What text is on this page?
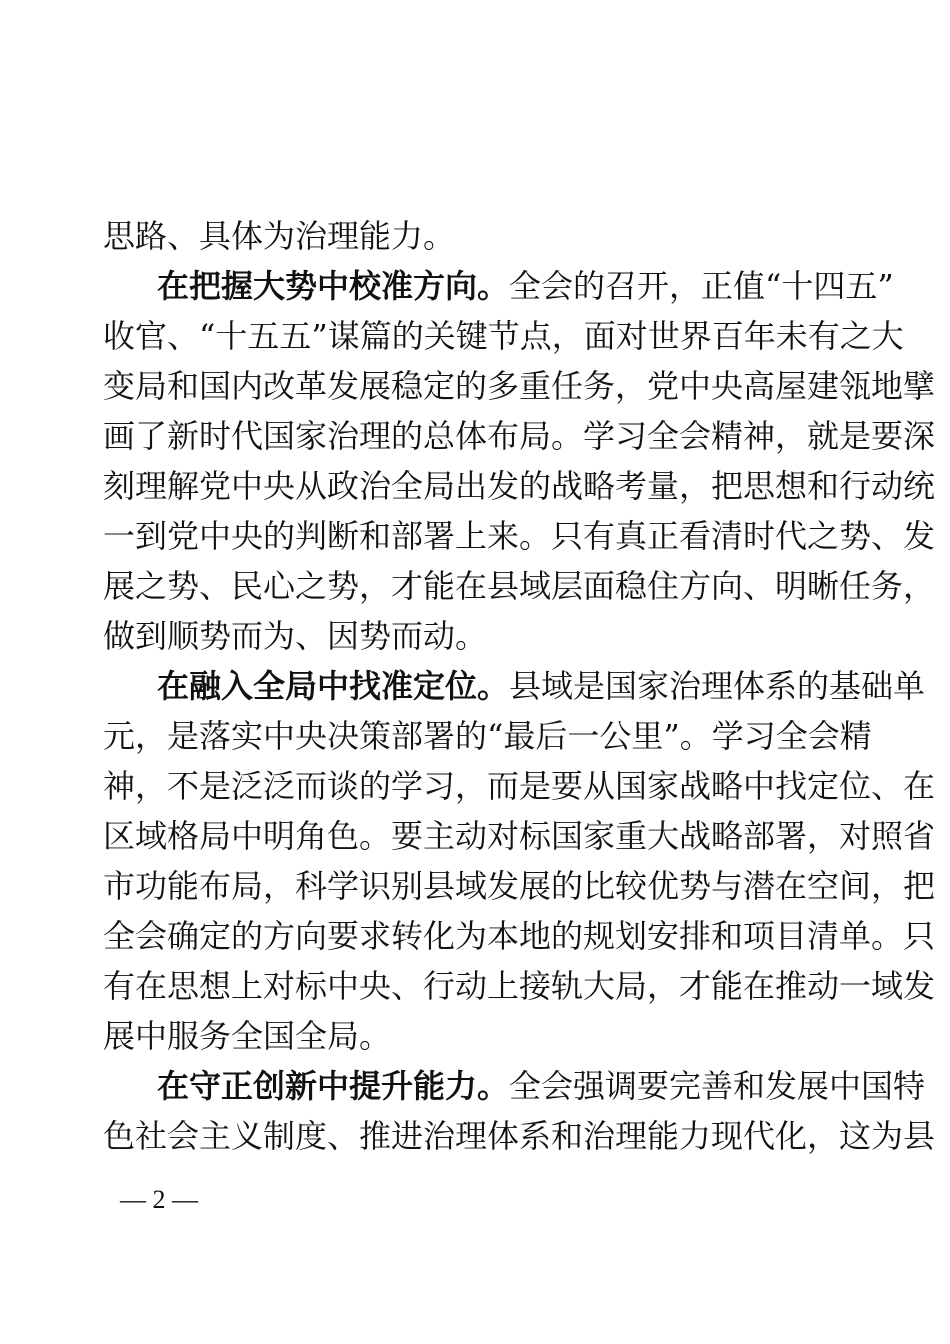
思路、具体为治理能力。
在把握大势中校准方向。全会的召开，正值“十四五”
收官、“十五五”谋篇的关键节点，面对世界百年未有之大
变局和国内改革发展稳定的多重任务，党中央高屋建瓴地擘
画了新时代国家治理的总体布局。学习全会精神，就是要深
刻理解党中央从政治全局出发的战略考量，把思想和行动统
一到党中央的判断和部署上来。只有真正看清时代之势、发
展之势、民心之势，才能在县域层面稳住方向、明晰任务，
做到顺势而为、因势而动。
在融入全局中找准定位。县域是国家治理体系的基础单
元，是落实中央决策部署的“最后一公里”。学习全会精
神，不是泛泛而谈的学习，而是要从国家战略中找定位、在
区域格局中明角色。要主动对标国家重大战略部署，对照省
市功能布局，科学识别县域发展的比较优势与潜在空间，把
全会确定的方向要求转化为本地的规划安排和项目清单。只
有在思想上对标中央、行动上接轨大局，才能在推动一域发
展中服务全国全局。
在守正创新中提升能力。全会强调要完善和发展中国特
色社会主义制度、推进治理体系和治理能力现代化，这为县
— 2 —
